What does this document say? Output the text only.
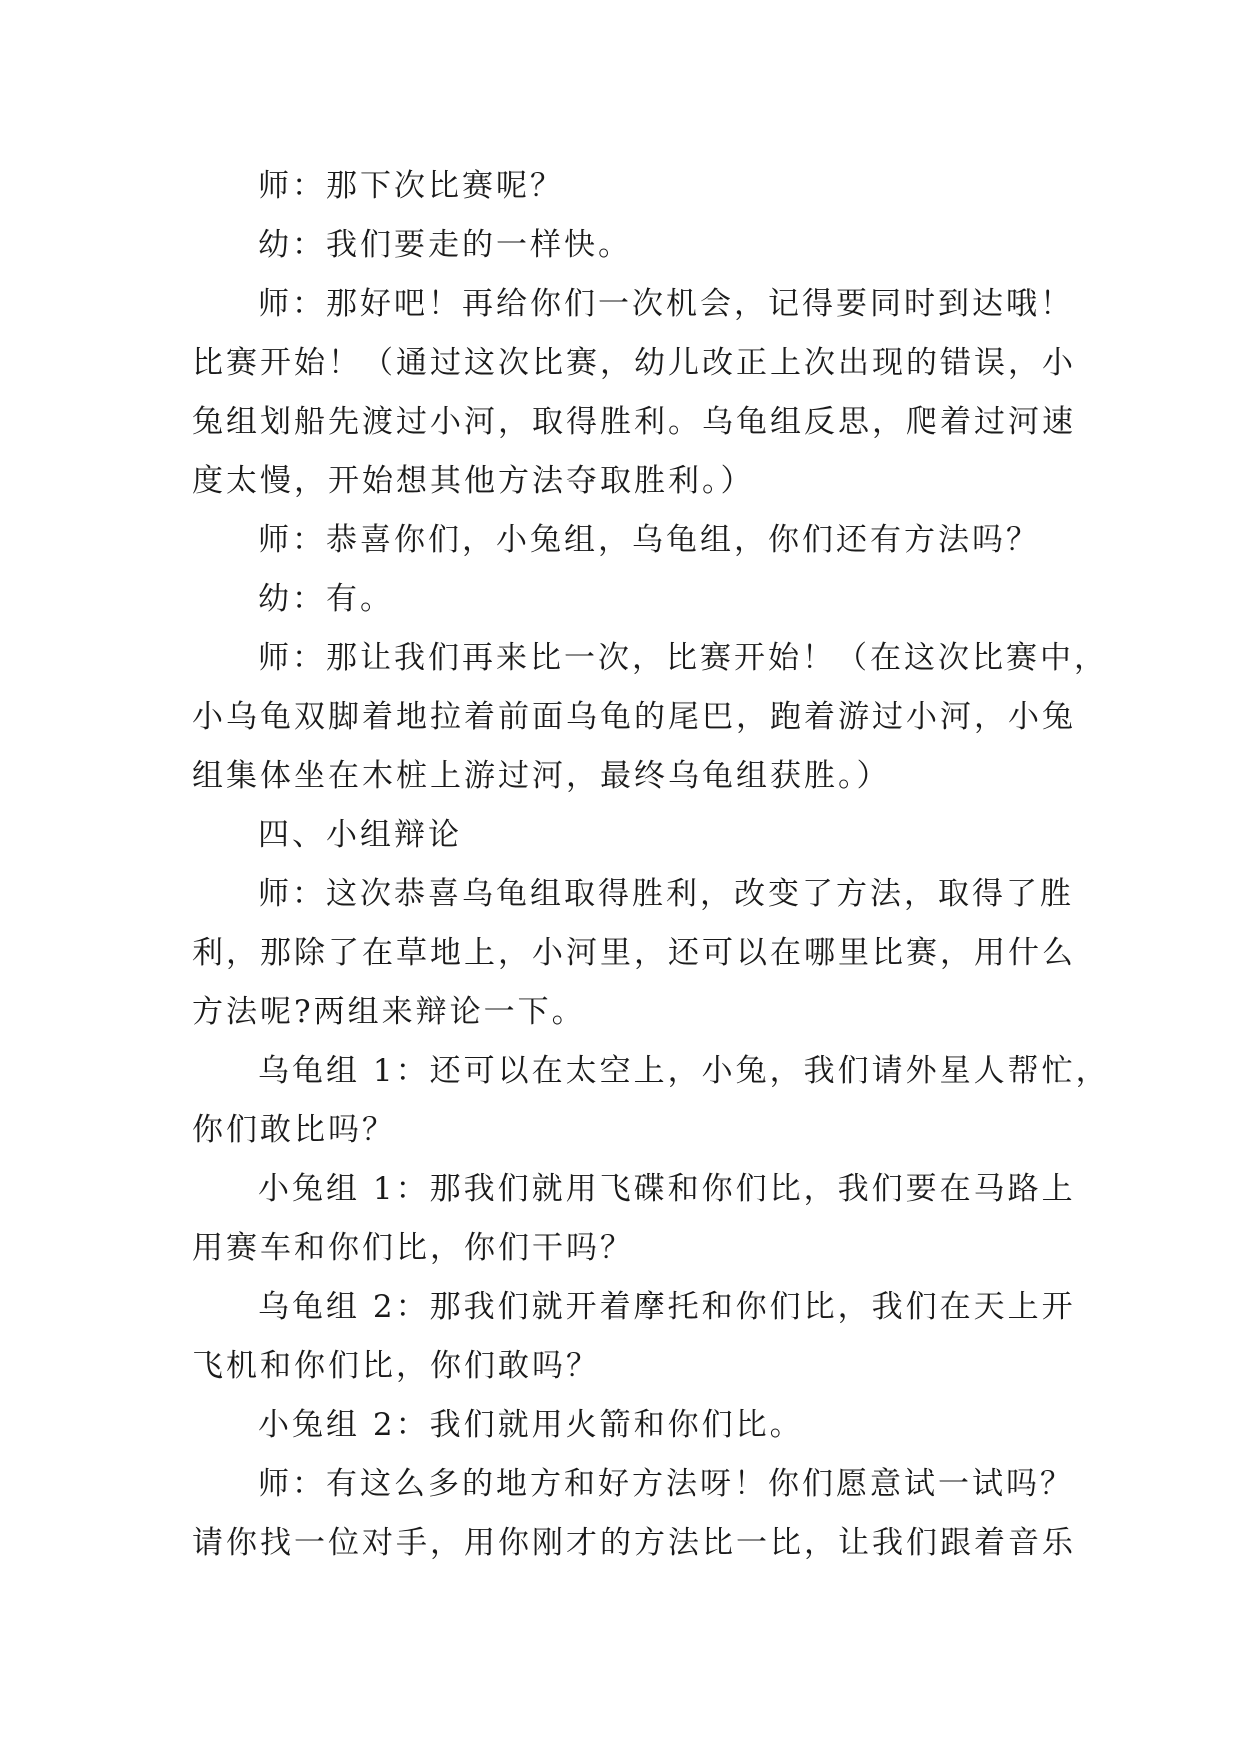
师：那下次比赛呢？
幼：我们要走的一样快。
师：那好吧！再给你们一次机会，记得要同时到达哦！
比赛开始！（通过这次比赛，幼儿改正上次出现的错误，小
兔组划船先渡过小河，取得胜利。乌龟组反思，爬着过河速
度太慢，开始想其他方法夺取胜利。）
师：恭喜你们，小兔组，乌龟组，你们还有方法吗？
幼：有。
师：那让我们再来比一次，比赛开始！（在这次比赛中，
小乌龟双脚着地拉着前面乌龟的尾巴，跑着游过小河，小兔
组集体坐在木桩上游过河，最终乌龟组获胜。）
四、小组辩论
师：这次恭喜乌龟组取得胜利，改变了方法，取得了胜
利，那除了在草地上，小河里，还可以在哪里比赛，用什么
方法呢?两组来辩论一下。
乌龟组 1：还可以在太空上，小兔，我们请外星人帮忙，
你们敢比吗？
小兔组 1：那我们就用飞碟和你们比，我们要在马路上
用赛车和你们比，你们干吗？
乌龟组 2：那我们就开着摩托和你们比，我们在天上开
飞机和你们比，你们敢吗？
小兔组 2：我们就用火箭和你们比。
师：有这么多的地方和好方法呀！你们愿意试一试吗？
请你找一位对手，用你刚才的方法比一比，让我们跟着音乐
